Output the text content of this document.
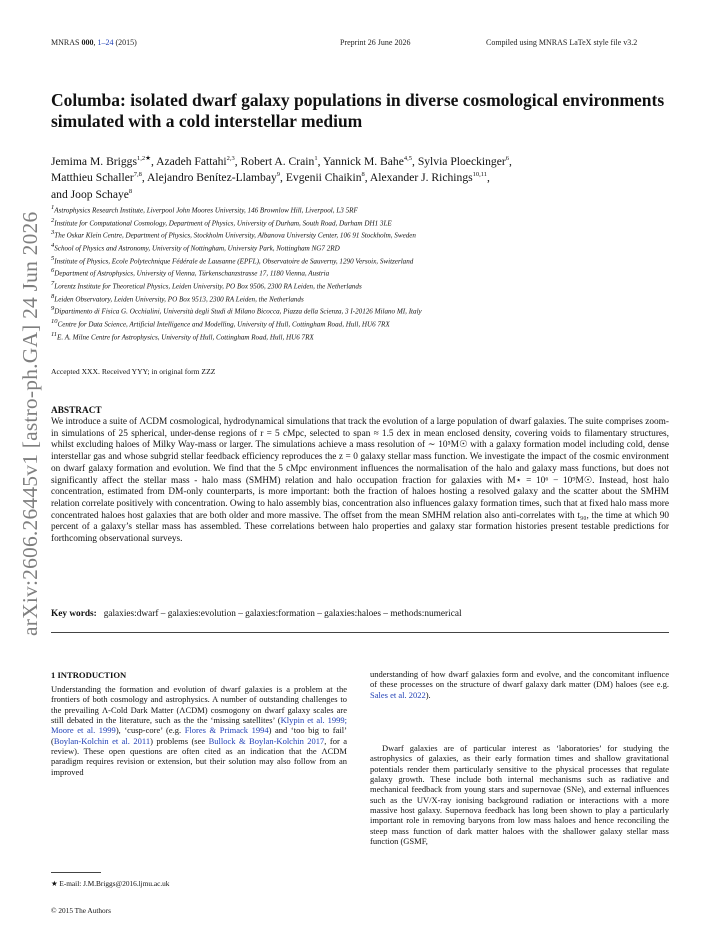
MNRAS 000, 1–24 (2015)	Preprint 26 June 2026	Compiled using MNRAS LaTeX style file v3.2
arXiv:2606.26445v1 [astro-ph.GA] 24 Jun 2026
Columba: isolated dwarf galaxy populations in diverse cosmological environments simulated with a cold interstellar medium
Jemima M. Briggs$^{1,2★}$, Azadeh Fattahi$^{2,3}$, Robert A. Crain$^1$, Yannick M. Bahe$^{4,5}$, Sylvia Ploeckinger$^6$,
Matthieu Schaller$^{7,8}$, Alejandro Benítez-Llambay$^9$, Evgenii Chaikin$^8$, Alexander J. Richings$^{10,11}$,
and Joop Schaye$^8$
$^1$Astrophysics Research Institute, Liverpool John Moores University, 146 Brownlow Hill, Liverpool, L3 5RF
$^2$Institute for Computational Cosmology, Department of Physics, University of Durham, South Road, Durham DH1 3LE
$^3$The Oskar Klein Centre, Department of Physics, Stockholm University, Albanova University Center, 106 91 Stockholm, Sweden
$^4$School of Physics and Astronomy, University of Nottingham, University Park, Nottingham NG7 2RD
$^5$Institute of Physics, Ecole Polytechnique Fédérale de Lausanne (EPFL), Observatoire de Sauverny, 1290 Versoix, Switzerland
$^6$Department of Astrophysics, University of Vienna, Türkenschanzstrasse 17, 1180 Vienna, Austria
$^7$Lorentz Institute for Theoretical Physics, Leiden University, PO Box 9506, 2300 RA Leiden, the Netherlands
$^8$Leiden Observatory, Leiden University, PO Box 9513, 2300 RA Leiden, the Netherlands
$^9$Dipartimento di Fisica G. Occhialini, Università degli Studi di Milano Bicocca, Piazza della Scienza, 3 I-20126 Milano MI, Italy
$^{10}$Centre for Data Science, Artificial Intelligence and Modelling, University of Hull, Cottingham Road, Hull, HU6 7RX
$^{11}$E. A. Milne Centre for Astrophysics, University of Hull, Cottingham Road, Hull, HU6 7RX
Accepted XXX. Received YYY; in original form ZZZ
ABSTRACT
We introduce a suite of ΛCDM cosmological, hydrodynamical simulations that track the evolution of a large population of dwarf galaxies. The suite comprises zoom-in simulations of 25 spherical, under-dense regions of r = 5 cMpc, selected to span ≈ 1.5 dex in mean enclosed density, covering voids to filamentary structures, whilst excluding haloes of Milky Way-mass or larger. The simulations achieve a mass resolution of ∼ 10⁵M☉ with a galaxy formation model including cold, dense interstellar gas and whose subgrid stellar feedback efficiency reproduces the z = 0 galaxy stellar mass function. We investigate the impact of the cosmic environment on dwarf galaxy formation and evolution. We find that the 5 cMpc environment influences the normalisation of the halo and galaxy mass functions, but does not significantly affect the stellar mass - halo mass (SMHM) relation and halo occupation fraction for galaxies with M⋆ = 10⁶ − 10⁹M☉. Instead, host halo concentration, estimated from DM-only counterparts, is more important: both the fraction of haloes hosting a resolved galaxy and the scatter about the SMHM relation correlate positively with concentration. Owing to halo assembly bias, concentration also influences galaxy formation times, such that at fixed halo mass more concentrated haloes host galaxies that are both older and more massive. The offset from the mean SMHM relation also anti-correlates with t₉₀, the time at which 90 percent of a galaxy’s stellar mass has assembled. These correlations between halo properties and galaxy star formation histories present testable predictions for forthcoming observational surveys.
Key words: galaxies:dwarf – galaxies:evolution – galaxies:formation – galaxies:haloes – methods:numerical
1 INTRODUCTION
Understanding the formation and evolution of dwarf galaxies is a problem at the frontiers of both cosmology and astrophysics. A number of outstanding challenges to the prevailing Λ-Cold Dark Matter (ΛCDM) cosmogony on dwarf galaxy scales are still debated in the literature, such as the the ‘missing satellites’ (Klypin et al. 1999; Moore et al. 1999), ‘cusp-core’ (e.g. Flores & Primack 1994) and ‘too big to fail’ (Boylan-Kolchin et al. 2011) problems (see Bullock & Boylan-Kolchin 2017, for a review). These open questions are often cited as an indication that the ΛCDM paradigm requires revision or extension, but their solution may also follow from an improved
understanding of how dwarf galaxies form and evolve, and the concomitant influence of these processes on the structure of dwarf galaxy dark matter (DM) haloes (see e.g. Sales et al. 2022).
Dwarf galaxies are of particular interest as ‘laboratories’ for studying the astrophysics of galaxies, as their early formation times and shallow gravitational potentials render them particularly sensitive to the physical processes that regulate galaxy growth. These include both internal mechanisms such as radiative and mechanical feedback from young stars and supernovae (SNe), and external influences such as the UV/X-ray ionising background radiation or interactions with a more massive host galaxy. Supernova feedback has long been shown to play a particularly important role in removing baryons from low mass haloes and hence reconciling the steep mass function of dark matter haloes with the shallower galaxy stellar mass function (GSMF,
★ E-mail: J.M.Briggs@2016.ljmu.ac.uk
© 2015 The Authors
